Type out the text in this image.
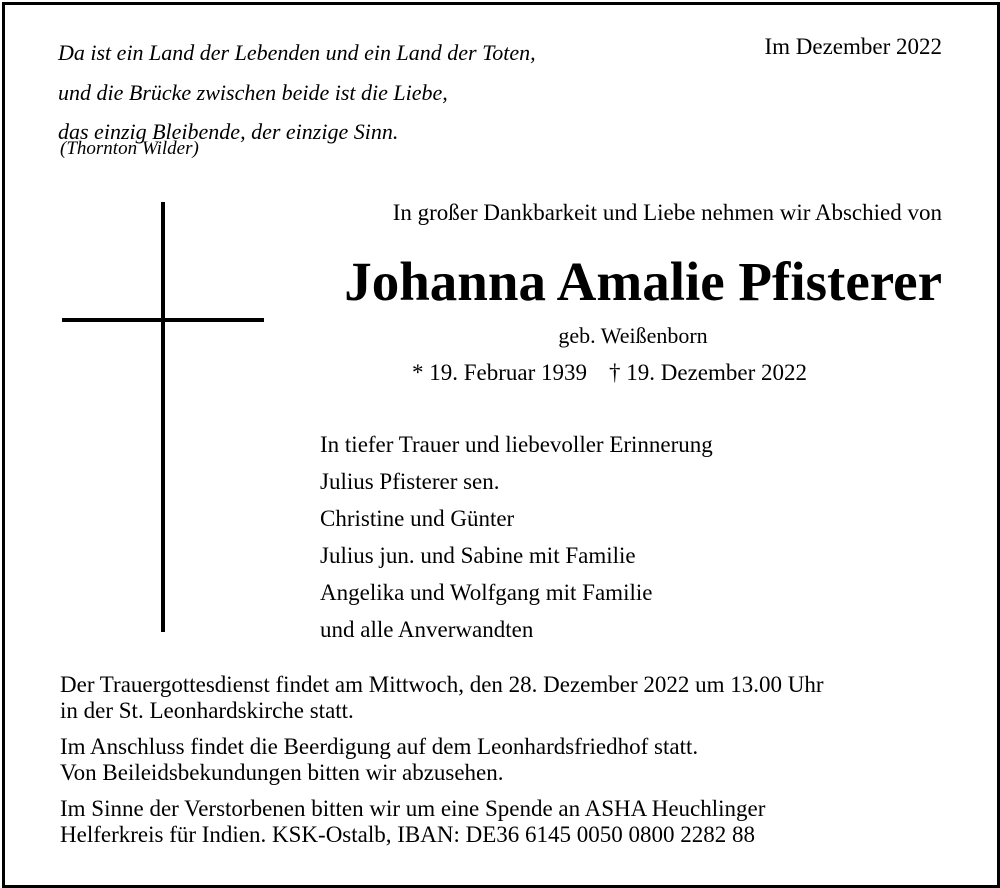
Da ist ein Land der Lebenden und ein Land der Toten,
und die Brücke zwischen beide ist die Liebe,
das einzig Bleibende, der einzige Sinn.

(Thornton Wilder)
Im Dezember 2022
In großer Dankbarkeit und Liebe nehmen wir Abschied von
Johanna Amalie Pfisterer
geb. Weißenborn
* 19. Februar 1939 † 19. Dezember 2022
In tiefer Trauer und liebevoller Erinnerung
Julius Pfisterer sen.
Christine und Günter
Julius jun. und Sabine mit Familie
Angelika und Wolfgang mit Familie
und alle Anverwandten

Der Trauergottesdienst findet am Mittwoch, den 28. Dezember 2022 um 13.00 Uhr
in der St. Leonhardskirche statt.

Im Anschluss findet die Beerdigung auf dem Leonhardsfriedhof statt.
Von Beileidsbekundungen bitten wir abzusehen.

Im Sinne der Verstorbenen bitten wir um eine Spende an ASHA Heuchlinger
Helferkreis für Indien. KSK-Ostalb, IBAN: DE36 6145 0050 0800 2282 88
